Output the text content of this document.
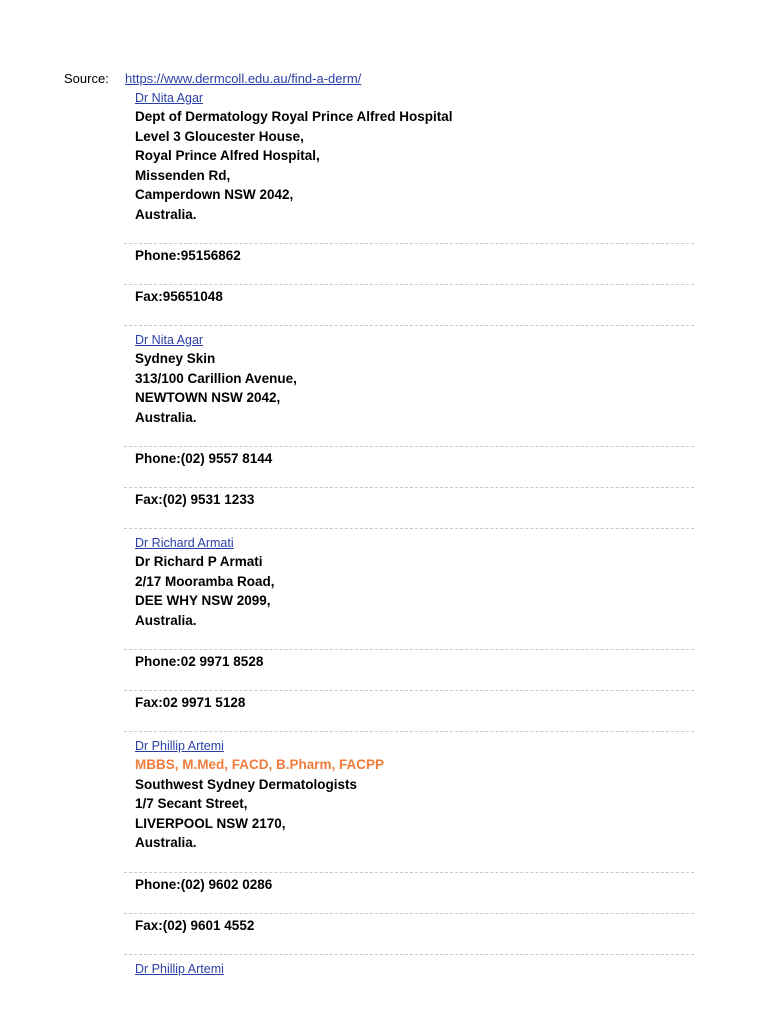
Source:	https://www.dermcoll.edu.au/find-a-derm/
Dr Nita Agar
Dept of Dermatology Royal Prince Alfred Hospital
Level 3 Gloucester House,
Royal Prince Alfred Hospital,
Missenden Rd,
Camperdown NSW 2042,
Australia.
Phone:95156862
Fax:95651048
Dr Nita Agar
Sydney Skin
313/100 Carillion Avenue,
NEWTOWN NSW 2042,
Australia.
Phone:(02) 9557 8144
Fax:(02) 9531 1233
Dr Richard Armati
Dr Richard P Armati
2/17 Mooramba Road,
DEE WHY NSW 2099,
Australia.
Phone:02 9971 8528
Fax:02 9971 5128
Dr Phillip Artemi
MBBS, M.Med, FACD, B.Pharm, FACPP
Southwest Sydney Dermatologists
1/7 Secant Street,
LIVERPOOL NSW 2170,
Australia.
Phone:(02) 9602 0286
Fax:(02) 9601 4552
Dr Phillip Artemi
